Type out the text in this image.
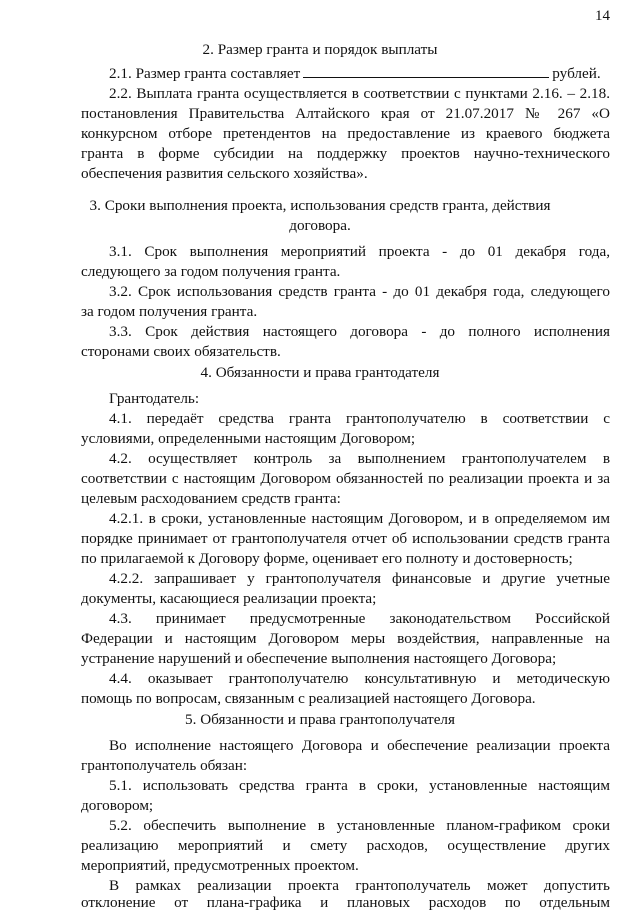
14
2. Размер гранта и порядок выплаты
2.1. Размер гранта составляет	рублей.
2.2. Выплата гранта осуществляется в соответствии с пунктами 2.16. – 2.18.
постановления Правительства Алтайского края от 21.07.2017 № 267 «О
конкурсном отборе претендентов на предоставление из краевого бюджета
гранта в форме субсидии на поддержку проектов научно-технического
обеспечения развития сельского хозяйства».
3. Сроки выполнения проекта, использования средств гранта, действия
договора.
3.1. Срок выполнения мероприятий проекта - до 01 декабря года,
следующего за годом получения гранта.
3.2. Срок использования средств гранта - до 01 декабря года, следующего
за годом получения гранта.
3.3. Срок действия настоящего договора - до полного исполнения
сторонами своих обязательств.
4. Обязанности и права грантодателя
Грантодатель:
4.1. передаёт средства гранта грантополучателю в соответствии с
условиями, определенными настоящим Договором;
4.2. осуществляет контроль за выполнением грантополучателем в
соответствии с настоящим Договором обязанностей по реализации проекта и за
целевым расходованием средств гранта:
4.2.1. в сроки, установленные настоящим Договором, и в определяемом им
порядке принимает от грантополучателя отчет об использовании средств гранта
по прилагаемой к Договору форме, оценивает его полноту и достоверность;
4.2.2. запрашивает у грантополучателя финансовые и другие учетные
документы, касающиеся реализации проекта;
4.3. принимает предусмотренные законодательством Российской
Федерации и настоящим Договором меры воздействия, направленные на
устранение нарушений и обеспечение выполнения настоящего Договора;
4.4. оказывает грантополучателю консультативную и методическую
помощь по вопросам, связанным с реализацией настоящего Договора.
5. Обязанности и права грантополучателя
Во исполнение настоящего Договора и обеспечение реализации проекта
грантополучатель обязан:
5.1. использовать средства гранта в сроки, установленные настоящим
договором;
5.2. обеспечить выполнение в установленные планом-графиком сроки
реализацию мероприятий и смету расходов, осуществление других
мероприятий, предусмотренных проектом.
В рамках реализации проекта грантополучатель может допустить
отклонение от плана-графика и плановых расходов по отдельным
